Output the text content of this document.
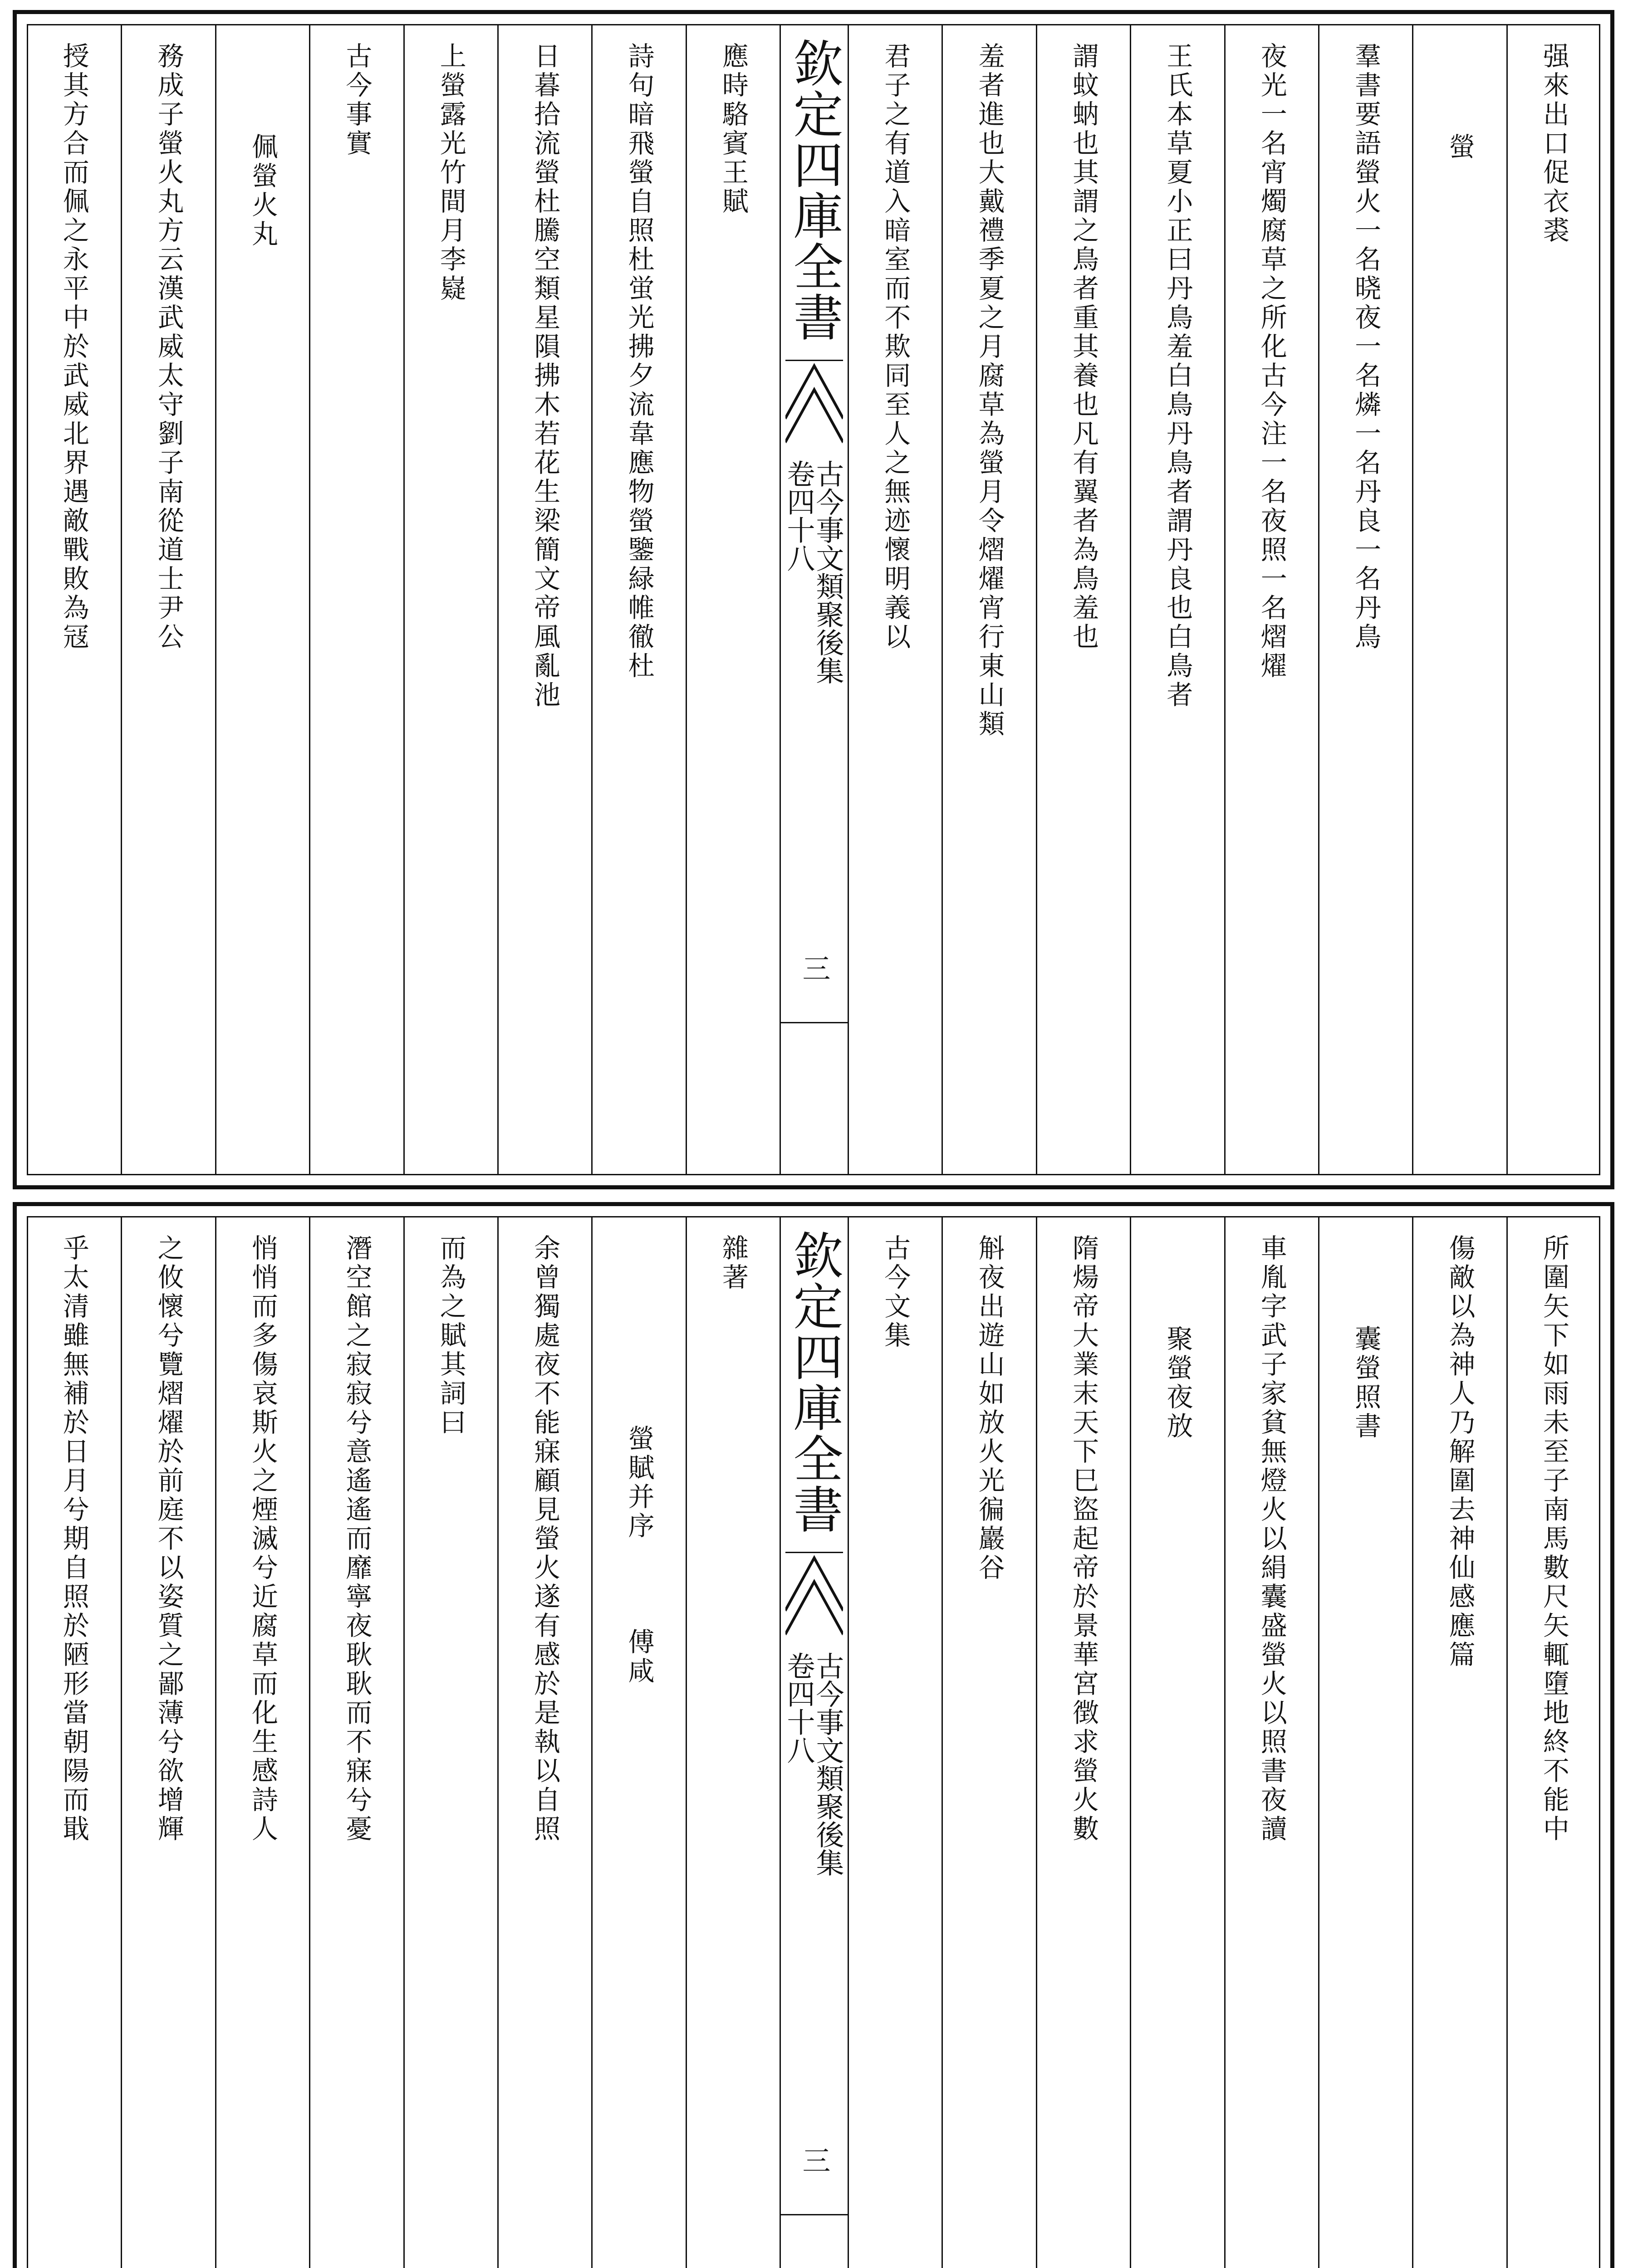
强來出口促衣裘
螢
羣書要語螢火一名𣇈夜一名燐一名丹良一名丹鳥
夜光一名宵燭腐草之所化古今注一名夜照一名熠燿
王氏本草夏小正曰丹鳥羞白鳥丹鳥者謂丹良也白鳥者
謂蚊蚋也其謂之鳥者重其養也凡有翼者為鳥羞也
羞者進也大戴禮季夏之月腐草為螢月令熠燿宵行東山類
君子之有道入暗室而不欺同至人之無迹懷明義以
欽定四庫全書
古今事文類聚後集
卷四十八
三
應時駱賓王賦
詩句暗飛螢自照杜蛍光拂夕流韋應物螢鑒緑帷徹杜
日暮拾流螢杜騰空類星隕拂木若花生梁簡文帝風亂池
上螢露光竹間月李嶷
古今事實
佩螢火丸
務成子螢火丸方云漢武威太守劉子南從道士尹公
授其方合而佩之永平中於武威北界遇敵戰敗為冦
所圍矢下如雨未至子南馬數尺矢輒墮地終不能中
傷敵以為神人乃解圍去神仙感應篇
囊螢照書
車胤字武子家貧無燈火以絹囊盛螢火以照書夜讀
聚螢夜放
隋煬帝大業末天下巳盜起帝於景華宮徴求螢火數
斛夜出遊山如放火光徧巖谷
古今文集
欽定四庫全書
古今事文類聚後集
卷四十八
三
雜著
螢賦并序　　　傅咸
余曾獨處夜不能寐顧見螢火遂有感於是執以自照
而為之賦其詞曰
潛空館之寂寂兮意遙遙而靡寧夜耿耿而不寐兮憂
悄悄而多傷哀斯火之煙滅兮近腐草而化生感詩人
之攸懷兮覽熠燿於前庭不以姿質之鄙薄兮欲增輝
乎太清雖無補於日月兮期自照於陋形當朝陽而戢
